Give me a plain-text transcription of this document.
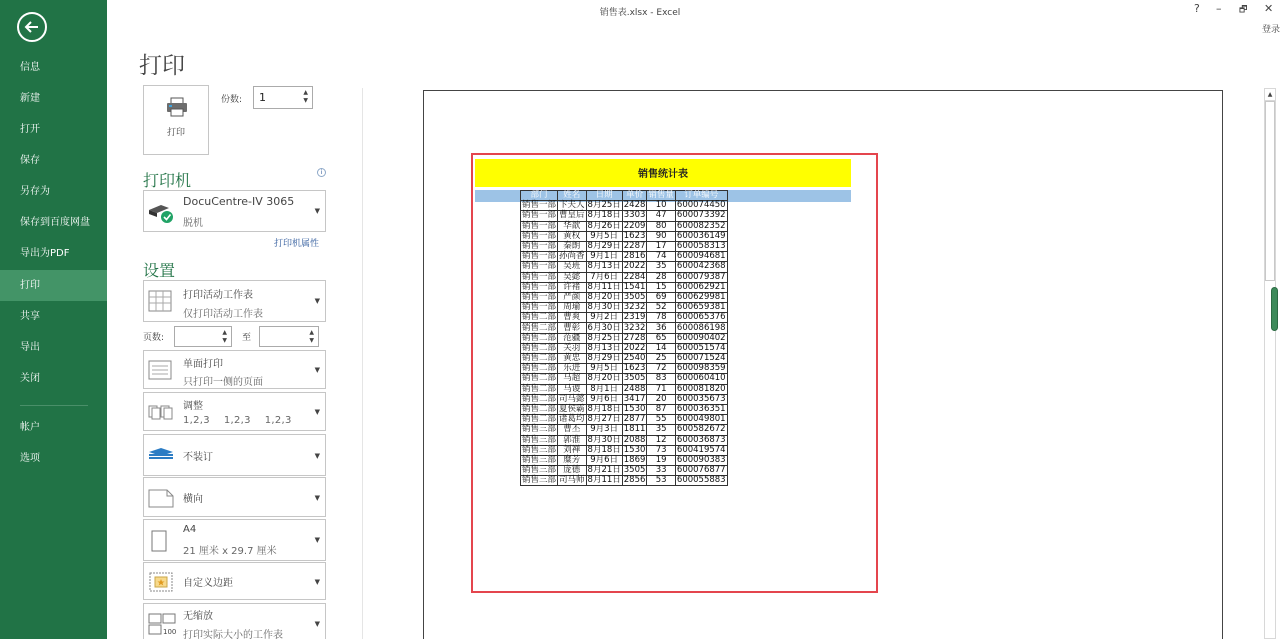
信息
新建
打开
保存
另存为
保存到百度网盘
导出为PDF
打印
共享
导出
关闭
帐户
选项
销售表.xlsx - Excel	? – 🗗 ✕
登录
打印
打印
份数:	1	▲
▼
打印机	i
DocuCentre-IV 3065
脱机
▼
打印机属性
设置
打印活动工作表
仅打印活动工作表
▼
页数:
▲
▼ 至
▲
▼
单面打印
只打印一侧的页面
▼
调整
1,2,3    1,2,3    1,2,3
▼
不装订	▼
横向	▼
A4
21 厘米 x 29.7 厘米
▼
自定义边距	▼
100
无缩放
打印实际大小的工作表
▼
销售统计表
部门	姓名	日期	单价	销售量	订单编号
销售一部	卞夫人	8月25日	2428	10	600074450
销售一部	曹皇后	8月18日	3303	47	600073392
销售一部	华歆	8月26日	2209	80	600082352
销售一部	黄权	9月5日	1623	90	600036149
销售一部	秦朗	8月29日	2287	17	600058313
销售一部	孙尚香	9月1日	2816	74	600094681
销售一部	吴班	8月13日	2022	35	600042368
销售一部	吴懿	7月6日	2284	28	600079387
销售一部	许褚	8月11日	1541	15	600062921
销售一部	严颜	8月20日	3505	69	600629981
销售一部	周瑜	8月30日	3232	52	600659381
销售二部	曹爽	9月2日	2319	78	600065376
销售二部	曹彰	6月30日	3232	36	600086198
销售二部	范疆	8月25日	2728	65	600090402
销售二部	关羽	8月13日	2022	14	600051574
销售二部	黄忠	8月29日	2540	25	600071524
销售二部	乐进	9月5日	1623	72	600098359
销售二部	马超	8月20日	3505	83	600060410
销售二部	马谡	8月1日	2488	71	600081820
销售二部	司马懿	9月6日	3417	20	600035673
销售二部	夏侯霸	8月18日	1530	87	600036351
销售二部	诸葛均	8月27日	2877	55	600049801
销售三部	曹丕	9月3日	1811	35	600582672
销售三部	郭淮	8月30日	2088	12	600036873
销售三部	刘禅	8月18日	1530	73	600419574
销售三部	糜芳	9月6日	1869	19	600090383
销售三部	庞德	8月21日	3505	33	600076877
销售三部	司马师	8月11日	2856	53	600055883
▲
